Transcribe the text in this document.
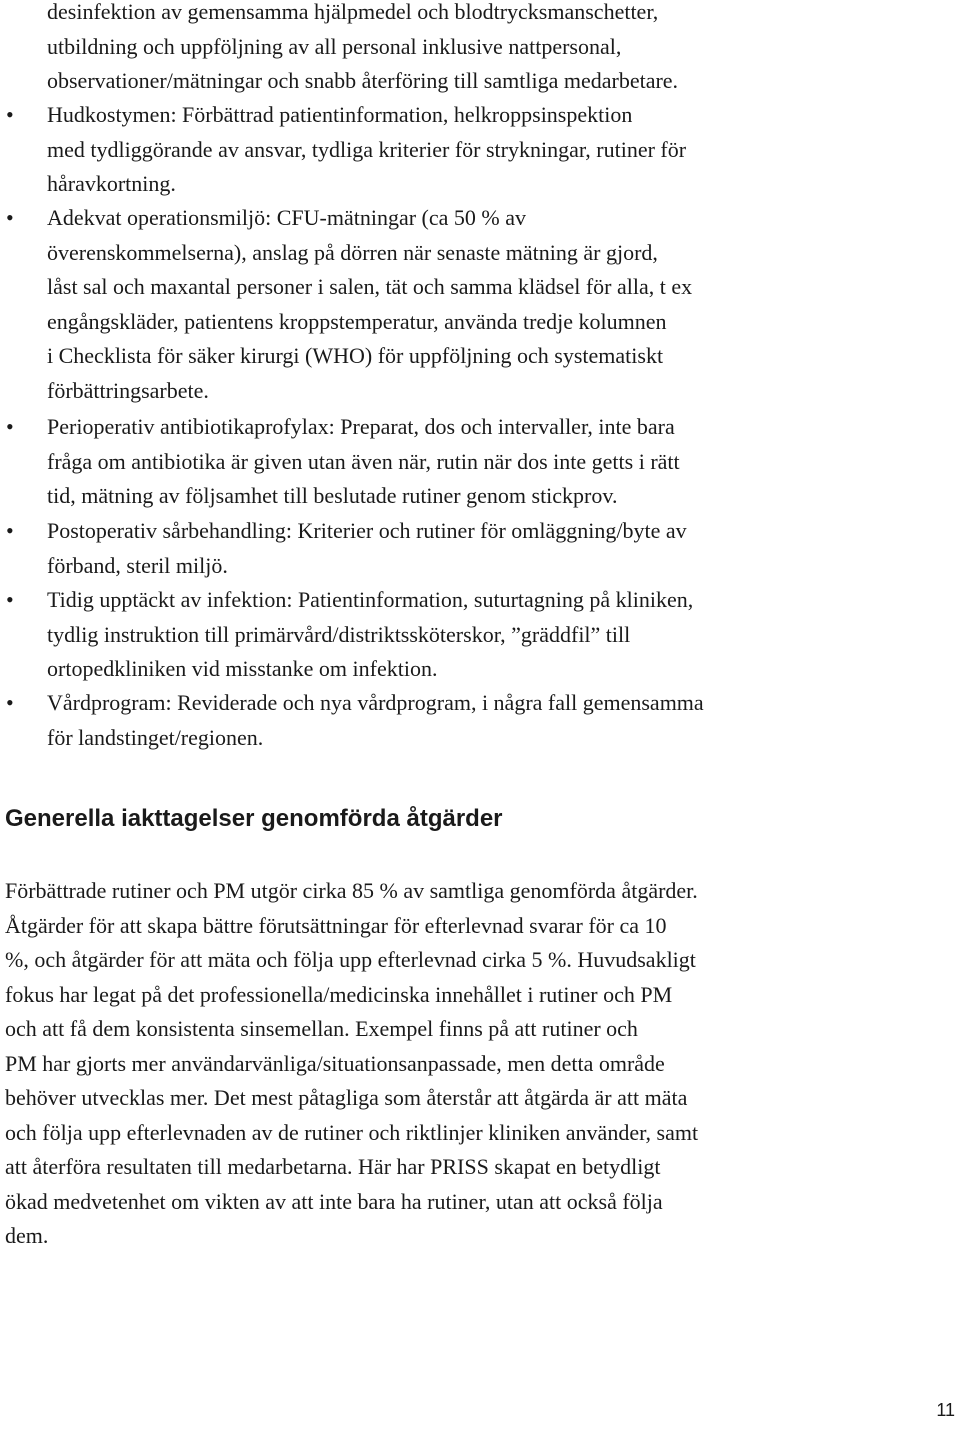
desinfektion av gemensamma hjälpmedel och blodtrycksmanschetter,
utbildning och uppföljning av all personal inklusive nattpersonal,
observationer/mätningar och snabb återföring till samtliga medarbetare.
• Hudkostymen: Förbättrad patientinformation, helkroppsinspektion
med tydliggörande av ansvar, tydliga kriterier för strykningar, rutiner för
håravkortning.
• Adekvat operationsmiljö: CFU-mätningar (ca 50 % av
överenskommelserna), anslag på dörren när senaste mätning är gjord,
låst sal och maxantal personer i salen, tät och samma klädsel för alla, t ex
engångskläder, patientens kroppstemperatur, använda tredje kolumnen
i Checklista för säker kirurgi (WHO) för uppföljning och systematiskt
förbättringsarbete.
• Perioperativ antibiotikaprofylax: Preparat, dos och intervaller, inte bara
fråga om antibiotika är given utan även när, rutin när dos inte getts i rätt
tid, mätning av följsamhet till beslutade rutiner genom stickprov.
• Postoperativ sårbehandling: Kriterier och rutiner för omläggning/byte av
förband, steril miljö.
• Tidig upptäckt av infektion: Patientinformation, suturtagning på kliniken,
tydlig instruktion till primärvård/distriktssköterskor, ”gräddfil” till
ortopedkliniken vid misstanke om infektion.
• Vårdprogram: Reviderade och nya vårdprogram, i några fall gemensamma
för landstinget/regionen.
Generella iakttagelser genomförda åtgärder
Förbättrade rutiner och PM utgör cirka 85 % av samtliga genomförda åtgärder.
Åtgärder för att skapa bättre förutsättningar för efterlevnad svarar för ca 10
%, och åtgärder för att mäta och följa upp efterlevnad cirka 5 %. Huvudsakligt
fokus har legat på det professionella/medicinska innehållet i rutiner och PM
och att få dem konsistenta sinsemellan. Exempel finns på att rutiner och
PM har gjorts mer användarvänliga/situationsanpassade, men detta område
behöver utvecklas mer. Det mest påtagliga som återstår att åtgärda är att mäta
och följa upp efterlevnaden av de rutiner och riktlinjer kliniken använder, samt
att återföra resultaten till medarbetarna. Här har PRISS skapat en betydligt
ökad medvetenhet om vikten av att inte bara ha rutiner, utan att också följa
dem.
11
